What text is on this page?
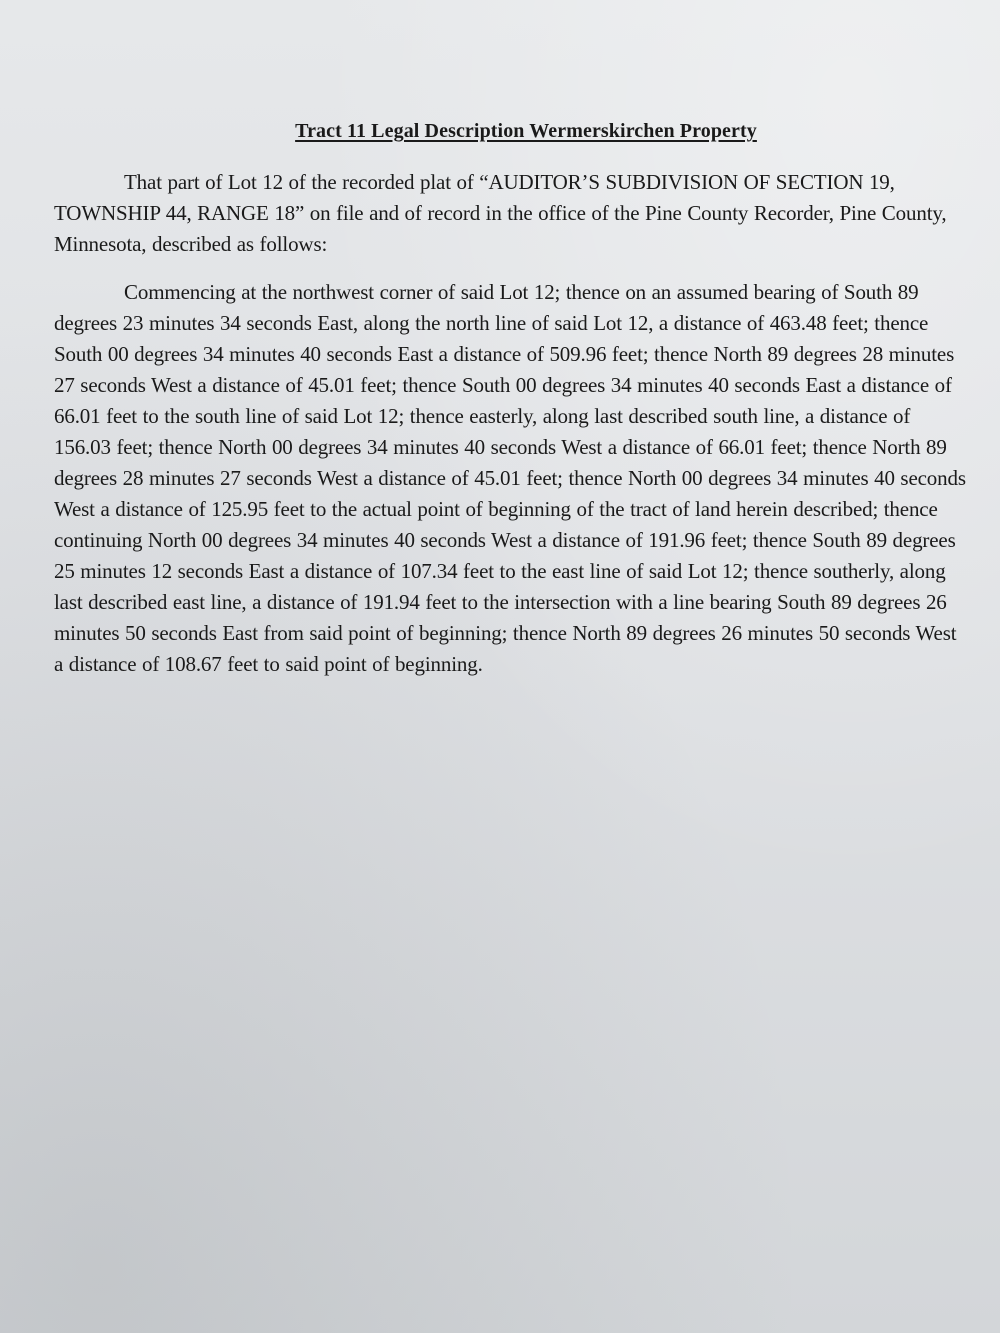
Tract 11 Legal Description Wermerskirchen Property

That part of Lot 12 of the recorded plat of “AUDITOR’S SUBDIVISION OF SECTION 19, TOWNSHIP 44, RANGE 18” on file and of record in the office of the Pine County Recorder, Pine County, Minnesota, described as follows:

Commencing at the northwest corner of said Lot 12; thence on an assumed bearing of South 89 degrees 23 minutes 34 seconds East, along the north line of said Lot 12, a distance of 463.48 feet; thence South 00 degrees 34 minutes 40 seconds East a distance of 509.96 feet; thence North 89 degrees 28 minutes 27 seconds West a distance of 45.01 feet; thence South 00 degrees 34 minutes 40 seconds East a distance of 66.01 feet to the south line of said Lot 12; thence easterly, along last described south line, a distance of 156.03 feet; thence North 00 degrees 34 minutes 40 seconds West a distance of 66.01 feet; thence North 89 degrees 28 minutes 27 seconds West a distance of 45.01 feet; thence North 00 degrees 34 minutes 40 seconds West a distance of 125.95 feet to the actual point of beginning of the tract of land herein described; thence continuing North 00 degrees 34 minutes 40 seconds West a distance of 191.96 feet; thence South 89 degrees 25 minutes 12 seconds East a distance of 107.34 feet to the east line of said Lot 12; thence southerly, along last described east line, a distance of 191.94 feet to the intersection with a line bearing South 89 degrees 26 minutes 50 seconds East from said point of beginning; thence North 89 degrees 26 minutes 50 seconds West a distance of 108.67 feet to said point of beginning.
